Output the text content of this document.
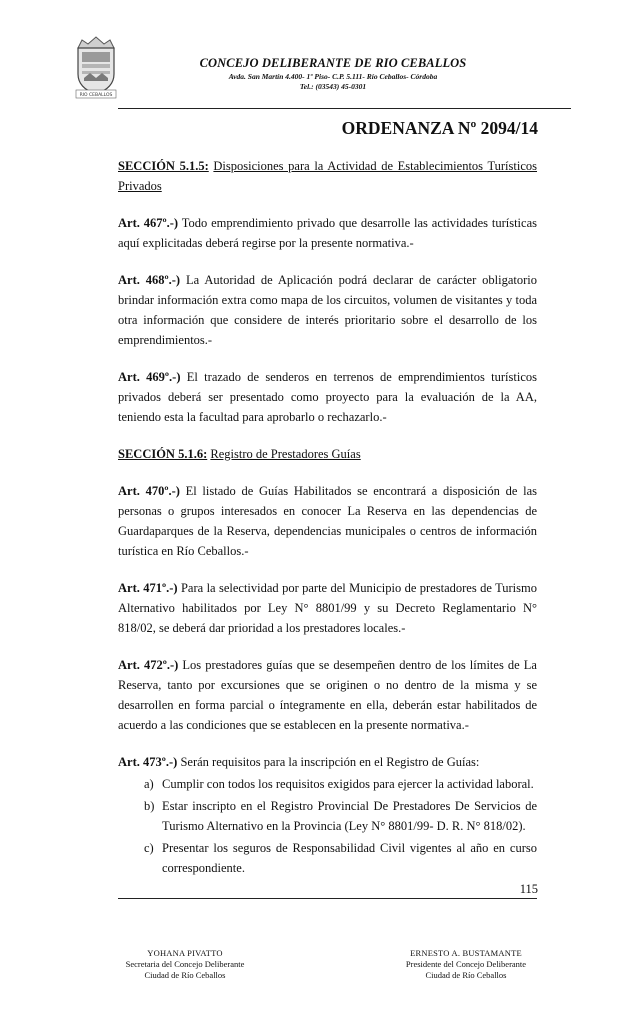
RIO CEBALLOS
CONCEJO DELIBERANTE DE RIO CEBALLOS
Avda. San Martín 4.400- 1º Piso- C.P. 5.111- Río Ceballos- Córdoba
Tel.: (03543) 45-0301
ORDENANZA Nº 2094/14

SECCIÓN 5.1.5: Disposiciones para la Actividad de Establecimientos Turísticos Privados

Art. 467º.-) Todo emprendimiento privado que desarrolle las actividades turísticas aquí explicitadas deberá regirse por la presente normativa.-

Art. 468º.-) La Autoridad de Aplicación podrá declarar de carácter obligatorio brindar información extra como mapa de los circuitos, volumen de visitantes y toda otra información que considere de interés prioritario sobre el desarrollo de los emprendimientos.-

Art. 469º.-) El trazado de senderos en terrenos de emprendimientos turísticos privados deberá ser presentado como proyecto para la evaluación de la AA, teniendo esta la facultad para aprobarlo o rechazarlo.-

SECCIÓN 5.1.6: Registro de Prestadores Guías

Art. 470º.-) El listado de Guías Habilitados se encontrará a disposición de las personas o grupos interesados en conocer La Reserva en las dependencias de Guardaparques de la Reserva, dependencias municipales o centros de información turística en Río Ceballos.-

Art. 471º.-) Para la selectividad por parte del Municipio de prestadores de Turismo Alternativo habilitados por Ley N° 8801/99 y su Decreto Reglamentario N° 818/02, se deberá dar prioridad a los prestadores locales.-

Art. 472º.-) Los prestadores guías que se desempeñen dentro de los límites de La Reserva, tanto por excursiones que se originen o no dentro de la misma y se desarrollen en forma parcial o íntegramente en ella, deberán estar habilitados de acuerdo a las condiciones que se establecen en la presente normativa.-

Art. 473º.-) Serán requisitos para la inscripción en el Registro de Guías:

a) Cumplir con todos los requisitos exigidos para ejercer la actividad laboral.
b) Estar inscripto en el Registro Provincial De Prestadores De Servicios de Turismo Alternativo en la Provincia (Ley N° 8801/99- D. R. N° 818/02).
c) Presentar los seguros de Responsabilidad Civil vigentes al año en curso correspondiente.
115
YOHANA PIVATTO
Secretaria del Concejo Deliberante
Ciudad de Río Ceballos
ERNESTO A. BUSTAMANTE
Presidente del Concejo Deliberante
Ciudad de Río Ceballos
